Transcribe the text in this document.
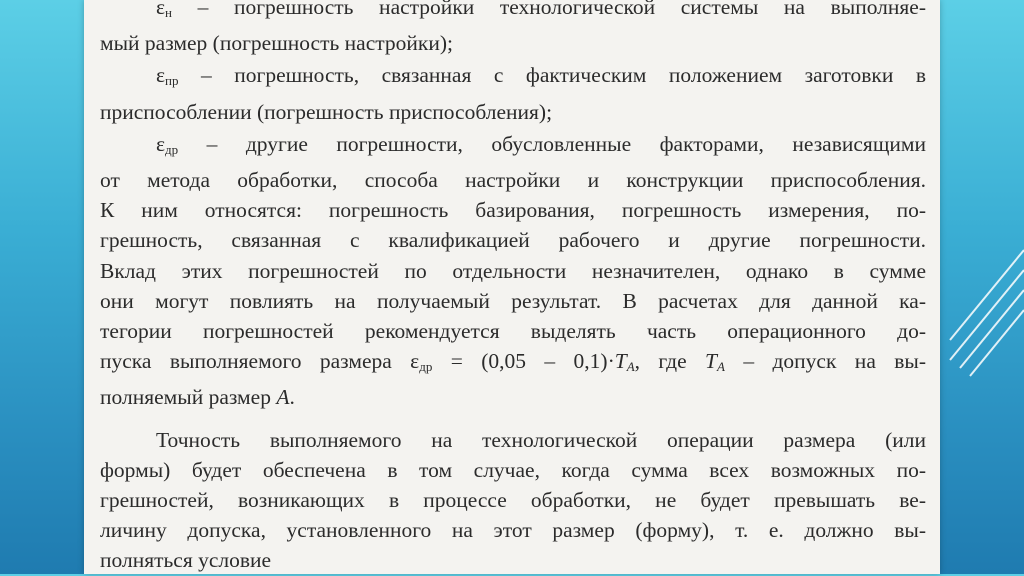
$\varepsilon_н$ – погрешность настройки технологической системы на выполняе-
мый размер (погрешность настройки);
$\varepsilon_{пр}$ – погрешность, связанная с фактическим положением заготовки в
приспособлении (погрешность приспособления);
$\varepsilon_{др}$ – другие погрешности, обусловленные факторами, независящими
от метода обработки, способа настройки и конструкции приспособления.
К ним относятся: погрешность базирования, погрешность измерения, по-
грешность, связанная с квалификацией рабочего и другие погрешности.
Вклад этих погрешностей по отдельности незначителен, однако в сумме
они могут повлиять на получаемый результат. В расчетах для данной ка-
тегории погрешностей рекомендуется выделять часть операционного до-
пуска выполняемого размера $\varepsilon_{др} = (0,05 - 0,1)\cdot T_A$, где $T_A$ – допуск на вы-
полняемый размер A.
Точность выполняемого на технологической операции размера (или
формы) будет обеспечена в том случае, когда сумма всех возможных по-
грешностей, возникающих в процессе обработки, не будет превышать ве-
личину допуска, установленного на этот размер (форму), т. е. должно вы-
полняться условие
